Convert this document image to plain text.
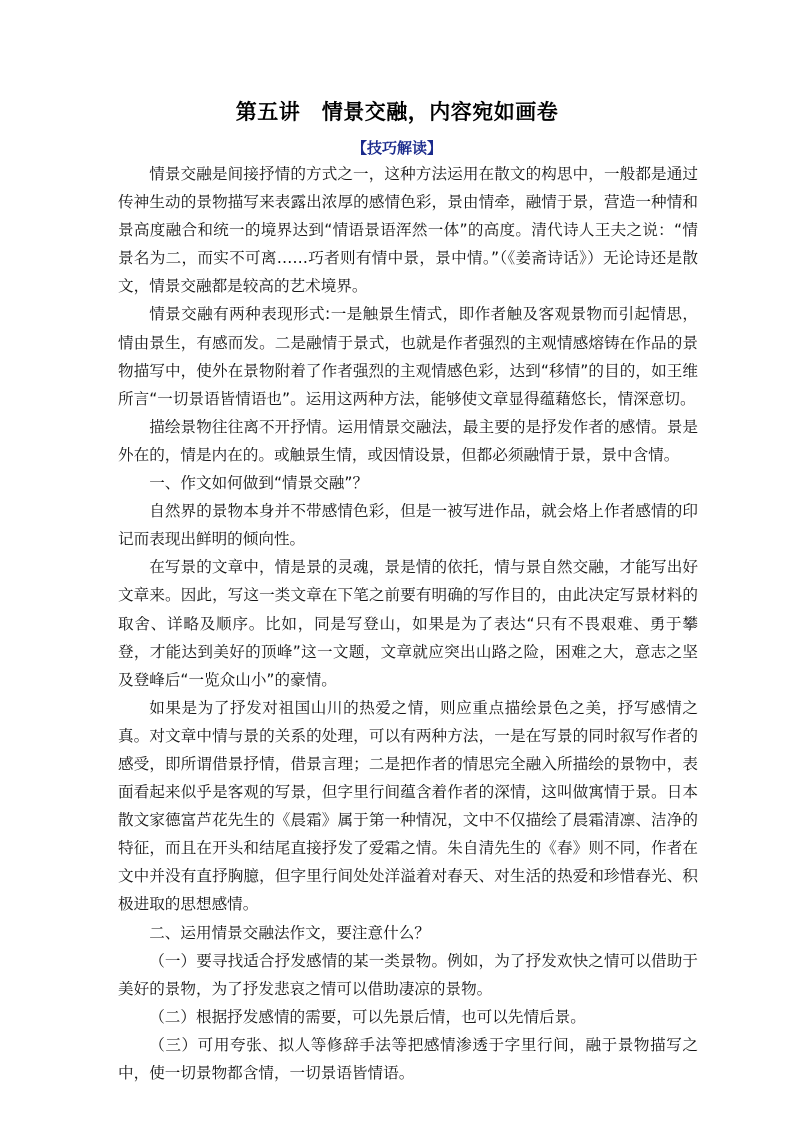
第五讲　情景交融，内容宛如画卷
【技巧解读】

情景交融是间接抒情的方式之一，这种方法运用在散文的构思中，一般都是通过传神生动的景物描写来表露出浓厚的感情色彩，景由情牵，融情于景，营造一种情和景高度融合和统一的境界达到“情语景语浑然一体”的高度。清代诗人王夫之说：“情景名为二，而实不可离……巧者则有情中景，景中情。”（《姜斋诗话》）无论诗还是散文，情景交融都是较高的艺术境界。

情景交融有两种表现形式:一是触景生情式，即作者触及客观景物而引起情思，情由景生，有感而发。二是融情于景式，也就是作者强烈的主观情感熔铸在作品的景物描写中，使外在景物附着了作者强烈的主观情感色彩，达到“移情”的目的，如王维所言“一切景语皆情语也”。运用这两种方法，能够使文章显得蕴藉悠长，情深意切。

描绘景物往往离不开抒情。运用情景交融法，最主要的是抒发作者的感情。景是外在的，情是内在的。或触景生情，或因情设景，但都必须融情于景，景中含情。

一、作文如何做到“情景交融”？

自然界的景物本身并不带感情色彩，但是一被写进作品，就会烙上作者感情的印记而表现出鲜明的倾向性。

在写景的文章中，情是景的灵魂，景是情的依托，情与景自然交融，才能写出好文章来。因此，写这一类文章在下笔之前要有明确的写作目的，由此决定写景材料的取舍、详略及顺序。比如，同是写登山，如果是为了表达“只有不畏艰难、勇于攀登，才能达到美好的顶峰”这一文题，文章就应突出山路之险，困难之大，意志之坚及登峰后“一览众山小”的豪情。

如果是为了抒发对祖国山川的热爱之情，则应重点描绘景色之美，抒写感情之真。对文章中情与景的关系的处理，可以有两种方法，一是在写景的同时叙写作者的感受，即所谓借景抒情，借景言理；二是把作者的情思完全融入所描绘的景物中，表面看起来似乎是客观的写景，但字里行间蕴含着作者的深情，这叫做寓情于景。日本散文家德富芦花先生的《晨霜》属于第一种情况，文中不仅描绘了晨霜清凛、洁净的特征，而且在开头和结尾直接抒发了爱霜之情。朱自清先生的《春》则不同，作者在文中并没有直抒胸臆，但字里行间处处洋溢着对春天、对生活的热爱和珍惜春光、积极进取的思想感情。

二、运用情景交融法作文，要注意什么？

（一）要寻找适合抒发感情的某一类景物。例如，为了抒发欢快之情可以借助于美好的景物，为了抒发悲哀之情可以借助凄凉的景物。

（二）根据抒发感情的需要，可以先景后情，也可以先情后景。

（三）可用夸张、拟人等修辞手法等把感情渗透于字里行间，融于景物描写之中，使一切景物都含情，一切景语皆情语。
